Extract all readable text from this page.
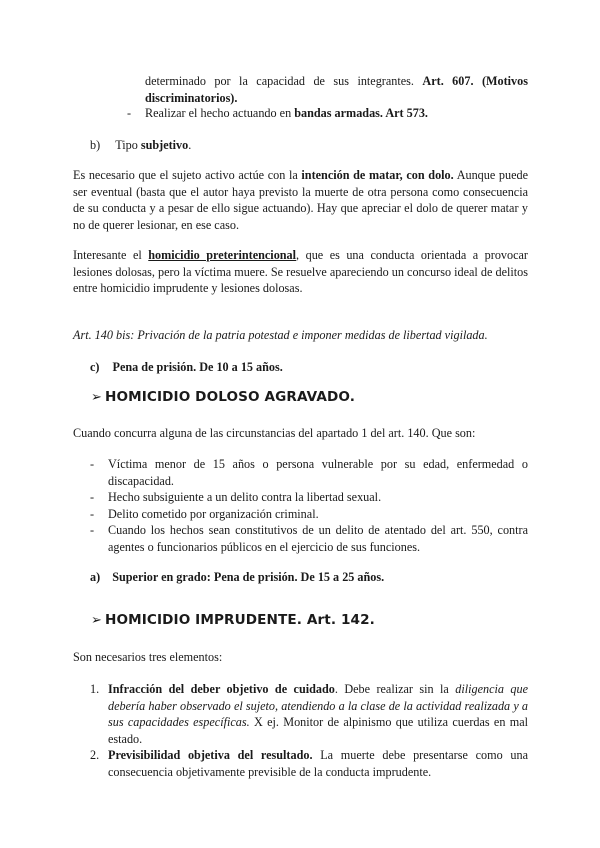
determinado por la capacidad de sus integrantes. Art. 607. (Motivos discriminatorios).
- Realizar el hecho actuando en bandas armadas. Art 573.
b) Tipo subjetivo.
Es necesario que el sujeto activo actúe con la intención de matar, con dolo. Aunque puede ser eventual (basta que el autor haya previsto la muerte de otra persona como consecuencia de su conducta y a pesar de ello sigue actuando). Hay que apreciar el dolo de querer matar y no de querer lesionar, en ese caso.
Interesante el homicidio preterintencional, que es una conducta orientada a provocar lesiones dolosas, pero la víctima muere. Se resuelve apareciendo un concurso ideal de delitos entre homicidio imprudente y lesiones dolosas.
Art. 140 bis: Privación de la patria potestad e imponer medidas de libertad vigilada.
c) Pena de prisión. De 10 a 15 años.
➢ HOMICIDIO DOLOSO AGRAVADO.
Cuando concurra alguna de las circunstancias del apartado 1 del art. 140. Que son:
- Víctima menor de 15 años o persona vulnerable por su edad, enfermedad o discapacidad.
- Hecho subsiguiente a un delito contra la libertad sexual.
- Delito cometido por organización criminal.
- Cuando los hechos sean constitutivos de un delito de atentado del art. 550, contra agentes o funcionarios públicos en el ejercicio de sus funciones.
a) Superior en grado: Pena de prisión. De 15 a 25 años.
➢ HOMICIDIO IMPRUDENTE. Art. 142.
Son necesarios tres elementos:
1. Infracción del deber objetivo de cuidado. Debe realizar sin la diligencia que debería haber observado el sujeto, atendiendo a la clase de la actividad realizada y a sus capacidades específicas. X ej. Monitor de alpinismo que utiliza cuerdas en mal estado.
2. Previsibilidad objetiva del resultado. La muerte debe presentarse como una consecuencia objetivamente previsible de la conducta imprudente.
